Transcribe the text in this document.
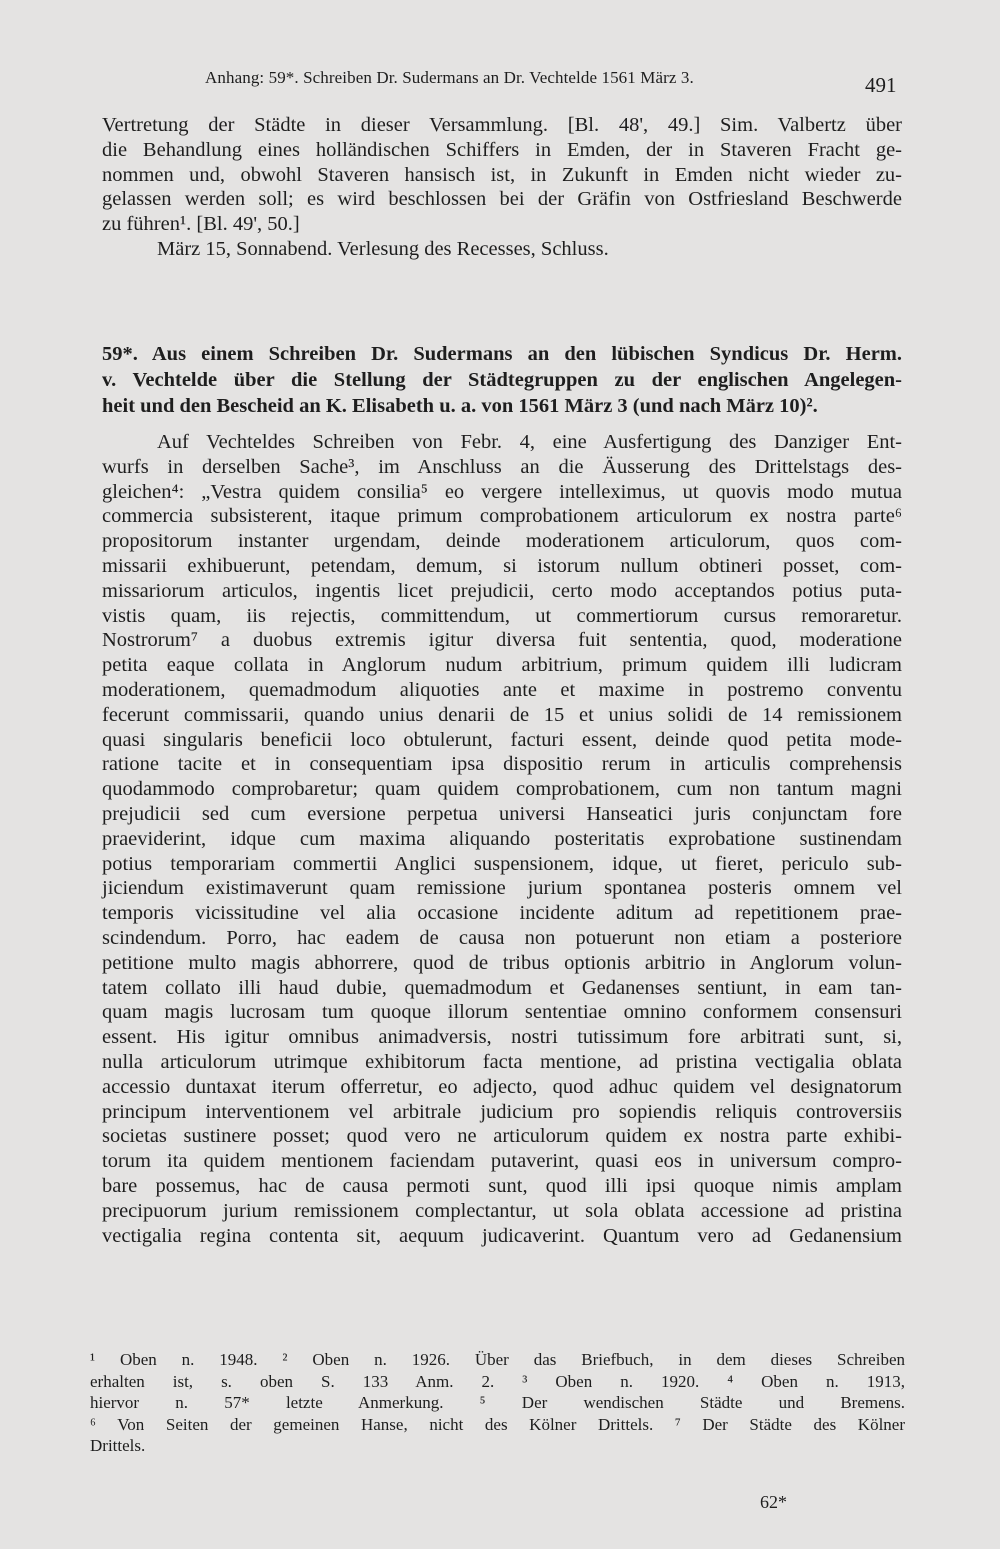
Anhang: 59*. Schreiben Dr. Sudermans an Dr. Vechtelde 1561 März 3.	491
Vertretung der Städte in dieser Versammlung. [Bl. 48', 49.] Sim. Valbertz über
die Behandlung eines holländischen Schiffers in Emden, der in Staveren Fracht ge-
nommen und, obwohl Staveren hansisch ist, in Zukunft in Emden nicht wieder zu-
gelassen werden soll; es wird beschlossen bei der Gräfin von Ostfriesland Beschwerde
zu führen¹. [Bl. 49', 50.]
März 15, Sonnabend. Verlesung des Recesses, Schluss.
59*. Aus einem Schreiben Dr. Sudermans an den lübischen Syndicus Dr. Herm.
v. Vechtelde über die Stellung der Städtegruppen zu der englischen Angelegen-
heit und den Bescheid an K. Elisabeth u. a. von 1561 März 3 (und nach März 10)².
Auf Vechteldes Schreiben von Febr. 4, eine Ausfertigung des Danziger Ent-
wurfs in derselben Sache³, im Anschluss an die Äusserung des Drittelstags des-
gleichen⁴: „Vestra quidem consilia⁵ eo vergere intelleximus, ut quovis modo mutua
commercia subsisterent, itaque primum comprobationem articulorum ex nostra parte⁶
propositorum instanter urgendam, deinde moderationem articulorum, quos com-
missarii exhibuerunt, petendam, demum, si istorum nullum obtineri posset, com-
missariorum articulos, ingentis licet prejudicii, certo modo acceptandos potius puta-
vistis quam, iis rejectis, committendum, ut commertiorum cursus remoraretur.
Nostrorum⁷ a duobus extremis igitur diversa fuit sententia, quod, moderatione
petita eaque collata in Anglorum nudum arbitrium, primum quidem illi ludicram
moderationem, quemadmodum aliquoties ante et maxime in postremo conventu
fecerunt commissarii, quando unius denarii de 15 et unius solidi de 14 remissionem
quasi singularis beneficii loco obtulerunt, facturi essent, deinde quod petita mode-
ratione tacite et in consequentiam ipsa dispositio rerum in articulis comprehensis
quodammodo comprobaretur; quam quidem comprobationem, cum non tantum magni
prejudicii sed cum eversione perpetua universi Hanseatici juris conjunctam fore
praeviderint, idque cum maxima aliquando posteritatis exprobatione sustinendam
potius temporariam commertii Anglici suspensionem, idque, ut fieret, periculo sub-
jiciendum existimaverunt quam remissione jurium spontanea posteris omnem vel
temporis vicissitudine vel alia occasione incidente aditum ad repetitionem prae-
scindendum. Porro, hac eadem de causa non potuerunt non etiam a posteriore
petitione multo magis abhorrere, quod de tribus optionis arbitrio in Anglorum volun-
tatem collato illi haud dubie, quemadmodum et Gedanenses sentiunt, in eam tan-
quam magis lucrosam tum quoque illorum sententiae omnino conformem consensuri
essent. His igitur omnibus animadversis, nostri tutissimum fore arbitrati sunt, si,
nulla articulorum utrimque exhibitorum facta mentione, ad pristina vectigalia oblata
accessio duntaxat iterum offerretur, eo adjecto, quod adhuc quidem vel designatorum
principum interventionem vel arbitrale judicium pro sopiendis reliquis controversiis
societas sustinere posset; quod vero ne articulorum quidem ex nostra parte exhibi-
torum ita quidem mentionem faciendam putaverint, quasi eos in universum compro-
bare possemus, hac de causa permoti sunt, quod illi ipsi quoque nimis amplam
precipuorum jurium remissionem complectantur, ut sola oblata accessione ad pristina
vectigalia regina contenta sit, aequum judicaverint. Quantum vero ad Gedanensium
¹ Oben n. 1948. ² Oben n. 1926. Über das Briefbuch, in dem dieses Schreiben
erhalten ist, s. oben S. 133 Anm. 2. ³ Oben n. 1920. ⁴ Oben n. 1913,
hiervor n. 57* letzte Anmerkung. ⁵ Der wendischen Städte und Bremens.
⁶ Von Seiten der gemeinen Hanse, nicht des Kölner Drittels. ⁷ Der Städte des Kölner
Drittels.
62*
